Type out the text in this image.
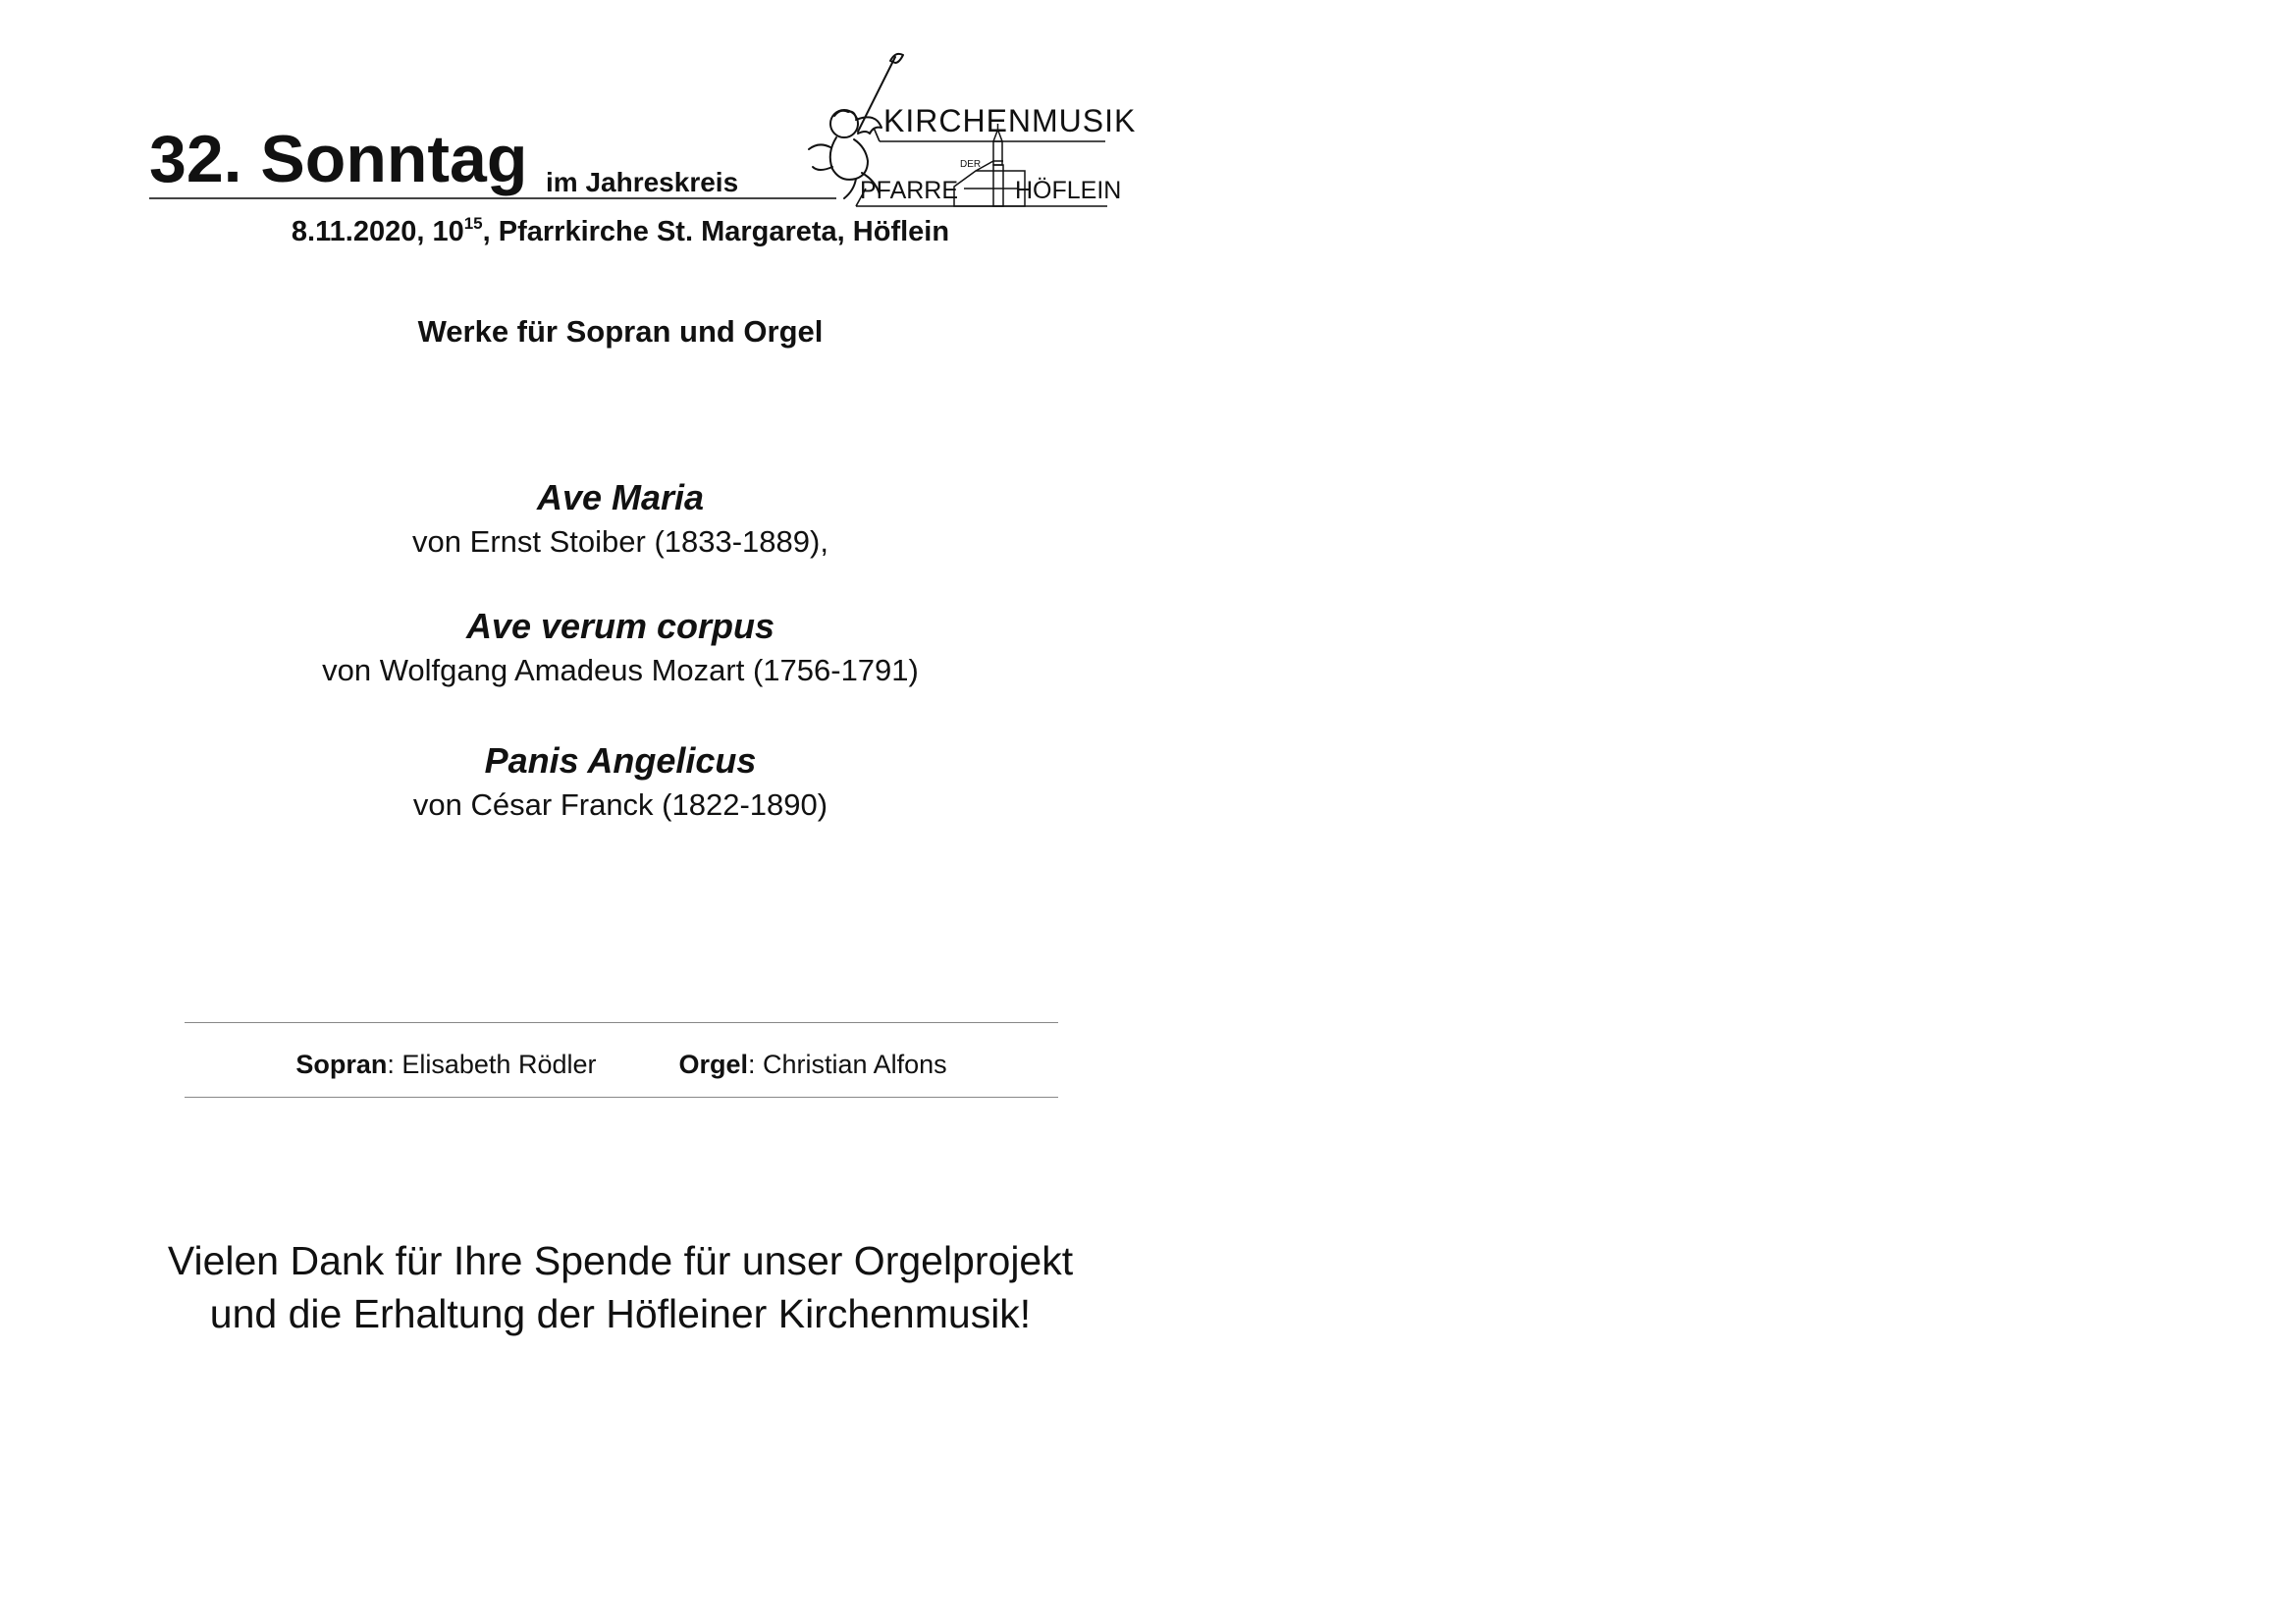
32. Sonntag im Jahreskreis
8.11.2020, $10^{15}$, Pfarrkirche St. Margareta, Höflein
KIRCHENMUSIK
DER
PFARRE HÖFLEIN
Werke für Sopran und Orgel
Ave Maria
von Ernst Stoiber (1833-1889),
Ave verum corpus
von Wolfgang Amadeus Mozart (1756-1791)
Panis Angelicus
von César Franck (1822-1890)
Sopran: Elisabeth Rödler	Orgel: Christian Alfons
Vielen Dank für Ihre Spende für unser Orgelprojekt
und die Erhaltung der Höfleiner Kirchenmusik!
